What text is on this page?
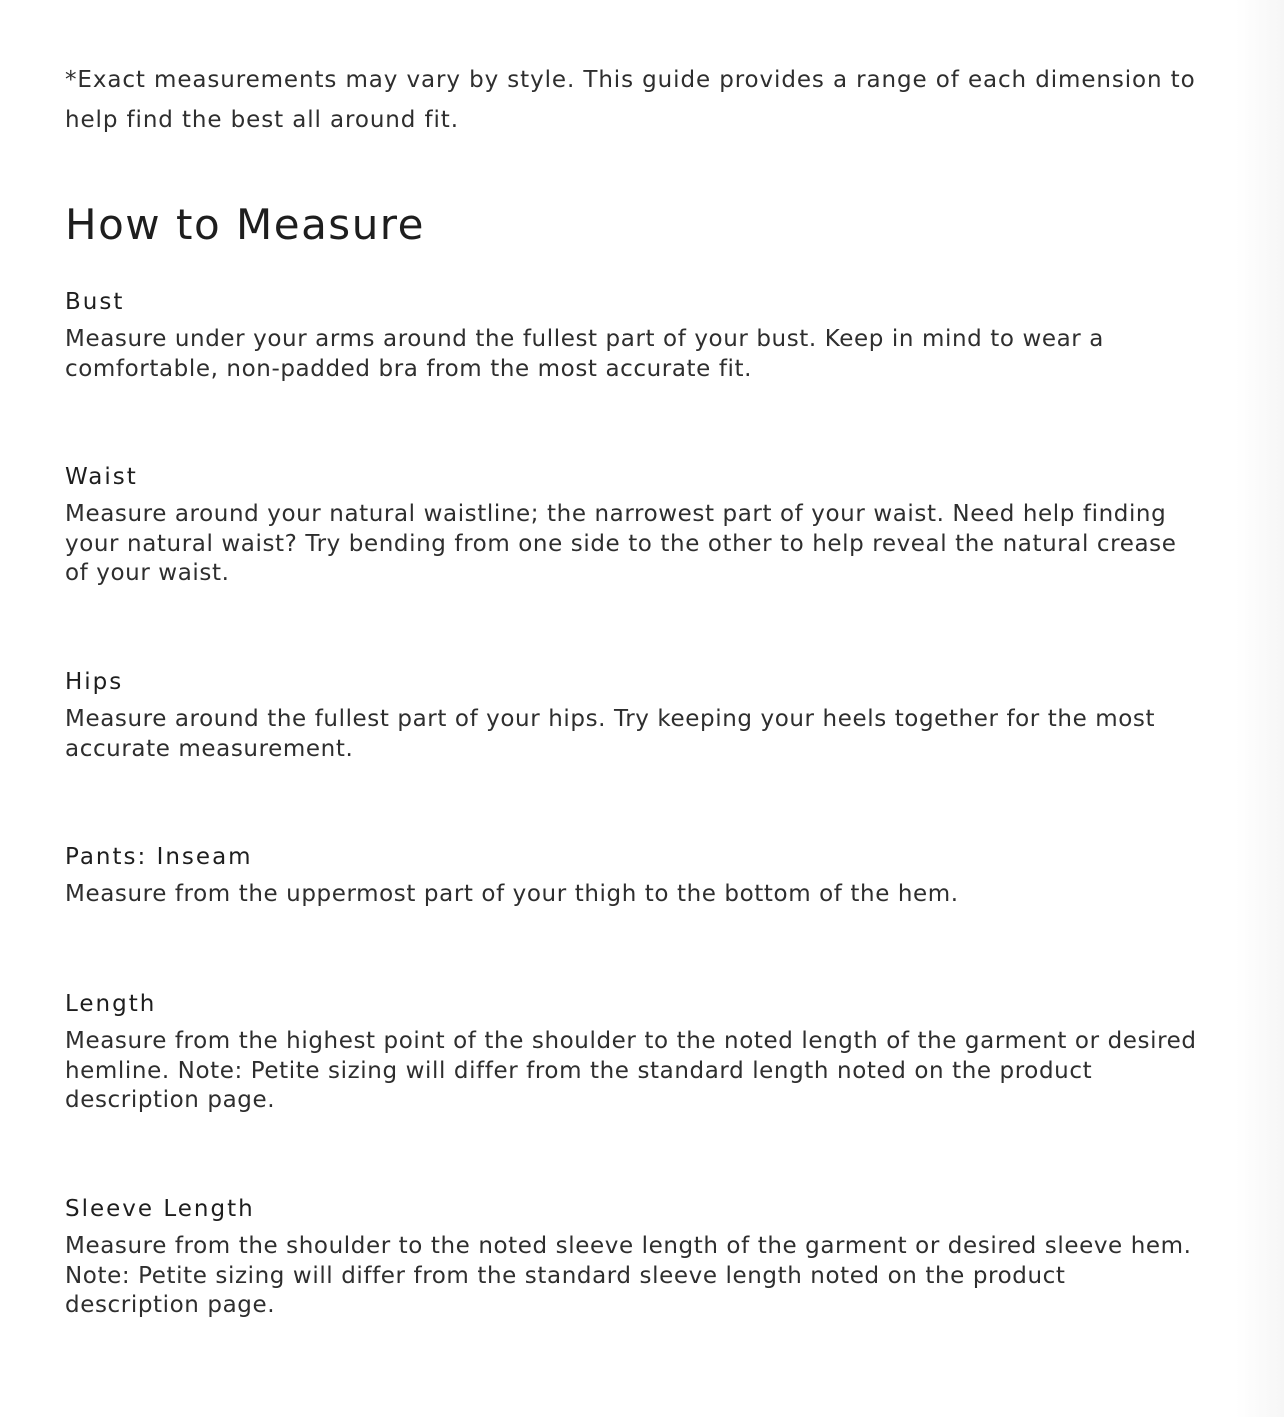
*Exact measurements may vary by style. This guide provides a range of each dimension to help find the best all around fit.

How to Measure
Bust

Measure under your arms around the fullest part of your bust. Keep in mind to wear a comfortable, non-padded bra from the most accurate fit.

Waist

Measure around your natural waistline; the narrowest part of your waist. Need help finding your natural waist? Try bending from one side to the other to help reveal the natural crease of your waist.

Hips

Measure around the fullest part of your hips. Try keeping your heels together for the most accurate measurement.

Pants: Inseam

Measure from the uppermost part of your thigh to the bottom of the hem.

Length

Measure from the highest point of the shoulder to the noted length of the garment or desired hemline. Note: Petite sizing will differ from the standard length noted on the product description page.

Sleeve Length

Measure from the shoulder to the noted sleeve length of the garment or desired sleeve hem. Note: Petite sizing will differ from the standard sleeve length noted on the product description page.
